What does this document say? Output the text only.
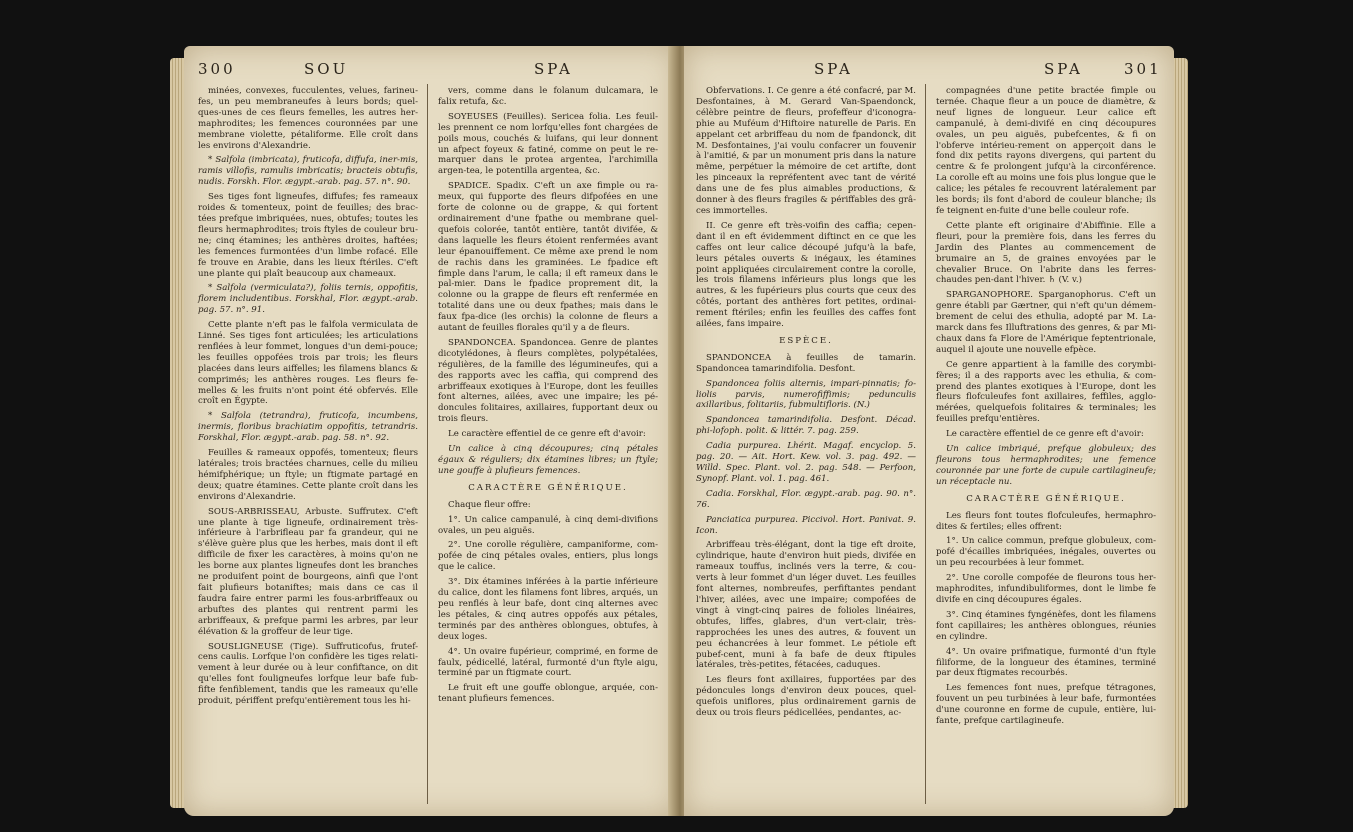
300	SOU	SPA

minées, convexes, fucculentes, velues, farineu-fes, un peu membraneufes à leurs bords; quel-ques-unes de ces fleurs femelles, les autres her-maphrodites; les femences couronnées par une membrane violette, pétaliforme. Elle croît dans les environs d'Alexandrie.

* Salfola (imbricata), fruticofa, diffufa, iner-mis, ramis villofis, ramulis imbricatis; bracteis obtufis, nudis. Forskh. Flor. ægypt.-arab. pag. 57. n°. 90.

Ses tiges font ligneufes, diffufes; fes rameaux roides & tomenteux, point de feuilles; des brac-tées prefque imbriquées, nues, obtufes; toutes les fleurs hermaphrodites; trois ftyles de couleur bru-ne; cinq étamines; les anthères droites, haftées; les femences furmontées d'un limbe rofacé. Elle fe trouve en Arabie, dans les lieux ftériles. C'eft une plante qui plaît beaucoup aux chameaux.

* Salfola (vermiculata?), foliis ternis, oppofitis, florem includentibus. Forskhal, Flor. ægypt.-arab. pag. 57. n°. 91.

Cette plante n'eft pas le falfola vermiculata de Linné. Ses tiges font articulées; les articulations renflées à leur fommet, longues d'un demi-pouce; les feuilles oppofées trois par trois; les fleurs placées dans leurs aiffelles; les filamens blancs & comprimés; les anthères rouges. Les fleurs fe-melles & les fruits n'ont point été obfervés. Elle croît en Égypte.

* Salfola (tetrandra), fruticofa, incumbens, inermis, floribus brachiatim oppofitis, tetrandris. Forskhal, Flor. ægypt.-arab. pag. 58. n°. 92.

Feuilles & rameaux oppofés, tomenteux; fleurs latérales; trois bractées charnues, celle du milieu hémifphérique; un ftyle; un ftigmate partagé en deux; quatre étamines. Cette plante croît dans les environs d'Alexandrie.

SOUS-ARBRISSEAU, Arbuste. Suffrutex. C'eft une plante à tige ligneufe, ordinairement très-inférieure à l'arbrifleau par fa grandeur, qui ne s'élève guère plus que les herbes, mais dont il eft difficile de fixer les caractères, à moins qu'on ne les borne aux plantes ligneufes dont les branches ne produifent point de bourgeons, ainfi que l'ont fait plufieurs botaniftes; mais dans ce cas il faudra faire entrer parmi les fous-arbriffeaux ou arbuftes des plantes qui rentrent parmi les arbriffeaux, & prefque parmi les arbres, par leur élévation & la groffeur de leur tige.

SOUSLIGNEUSE (Tige). Suffruticofus, frutef-cens caulis. Lorfque l'on confidère les tiges relati-vement à leur durée ou à leur confiftance, on dit qu'elles font fouligneufes lorfque leur bafe fub-fifte fenfiblement, tandis que les rameaux qu'elle produit, périffent prefqu'entièrement tous les hi-

vers, comme dans le folanum dulcamara, le falix retufa, &c.

SOYEUSES (Feuilles). Sericea folia. Les feuil-les prennent ce nom lorfqu'elles font chargées de poils mous, couchés & luifans, qui leur donnent un afpect foyeux & fatiné, comme on peut le re-marquer dans le protea argentea, l'archimilla argen-tea, le potentilla argentea, &c.

SPADICE. Spadix. C'eft un axe fimple ou ra-meux, qui fupporte des fleurs difpofées en une forte de colonne ou de grappe, & qui fortent ordinairement d'une fpathe ou membrane quel-quefois colorée, tantôt entière, tantôt divifée, & dans laquelle les fleurs étoient renfermées avant leur épanouiffement. Ce même axe prend le nom de rachis dans les graminées. Le fpadice eft fimple dans l'arum, le calla; il eft rameux dans le pal-mier. Dans le fpadice proprement dit, la colonne ou la grappe de fleurs eft renfermée en totalité dans une ou deux fpathes; mais dans le faux fpa-dice (les orchis) la colonne de fleurs a autant de feuilles florales qu'il y a de fleurs.

SPANDONCEA. Spandoncea. Genre de plantes dicotylédones, à fleurs complètes, polypétalées, régulières, de la famille des légumineufes, qui a des rapports avec les caffia, qui comprend des arbriffeaux exotiques à l'Europe, dont les feuilles font alternes, ailées, avec une impaire; les pé-doncules folitaires, axillaires, fupportant deux ou trois fleurs.

Le caractère effentiel de ce genre eft d'avoir:

Un calice à cinq découpures; cinq pétales égaux & réguliers; dix étamines libres; un ftyle; une gouffe à plufieurs femences.

CARACTÈRE GÉNÉRIQUE.

Chaque fleur offre:

1°. Un calice campanulé, à cinq demi-divifions ovales, un peu aiguës.

2°. Une corolle régulière, campaniforme, com-pofée de cinq pétales ovales, entiers, plus longs que le calice.

3°. Dix étamines inférées à la partie inférieure du calice, dont les filamens font libres, arqués, un peu renflés à leur bafe, dont cinq alternes avec les pétales, & cinq autres oppofés aux pétales, terminés par des anthères oblongues, obtufes, à deux loges.

4°. Un ovaire fupérieur, comprimé, en forme de faulx, pédicellé, latéral, furmonté d'un ftyle aigu, terminé par un ftigmate court.

Le fruit eft une gouffe oblongue, arquée, con-tenant plufieurs femences.

SPA	SPA	301

Obfervations. I. Ce genre a été confacré, par M. Desfontaines, à M. Gerard Van-Spaendonck, célèbre peintre de fleurs, profeffeur d'iconogra-phie au Muféum d'Hiftoire naturelle de Paris. En appelant cet arbriffeau du nom de fpandonck, dit M. Desfontaines, j'ai voulu confacrer un fouvenir à l'amitié, & par un monument pris dans la nature même, perpétuer la mémoire de cet artifte, dont les pinceaux la repréfentent avec tant de vérité dans une de fes plus aimables productions, & donner à des fleurs fragiles & périffables des grâ-ces immortelles.

II. Ce genre eft très-voifin des caffia; cepen-dant il en eft évidemment diftinct en ce que les caffes ont leur calice découpé jufqu'à la bafe, leurs pétales ouverts & inégaux, les étamines point appliquées circulairement contre la corolle, les trois filamens inférieurs plus longs que les autres, & les fupérieurs plus courts que ceux des côtés, portant des anthères fort petites, ordinai-rement ftériles; enfin les feuilles des caffes font ailées, fans impaire.

ESPÈCE.

SPANDONCEA à feuilles de tamarin. Spandoncea tamarindifolia. Desfont.

Spandoncea foliis alternis, impari-pinnatis; fo-liolis parvis, numerofiffimis; pedunculis axillaribus, folitariis, fubmultifloris. (N.)

Spandoncea tamarindifolia. Desfont. Décad. phi-lofoph. polit. & littér. 7. pag. 259.

Cadia purpurea. Lhérit. Magaf. encyclop. 5. pag. 20. — Ait. Hort. Kew. vol. 3. pag. 492. — Willd. Spec. Plant. vol. 2. pag. 548. — Perfoon, Synopf. Plant. vol. 1. pag. 461.

Cadia. Forskhal, Flor. ægypt.-arab. pag. 90. n°. 76.

Panciatica purpurea. Piccivol. Hort. Panivat. 9. Icon.

Arbriffeau très-élégant, dont la tige eft droite, cylindrique, haute d'environ huit pieds, divifée en rameaux touffus, inclinés vers la terre, & cou-verts à leur fommet d'un léger duvet. Les feuilles font alternes, nombreufes, perfiftantes pendant l'hiver, ailées, avec une impaire; compofées de vingt à vingt-cinq paires de folioles linéaires, obtufes, liffes, glabres, d'un vert-clair, très-rapprochées les unes des autres, & fouvent un peu échancrées à leur fommet. Le pétiole eft pubef-cent, muni à fa bafe de deux ftipules latérales, très-petites, fétacées, caduques.

Les fleurs font axillaires, fupportées par des pédoncules longs d'environ deux pouces, quel-quefois uniflores, plus ordinairement garnis de deux ou trois fleurs pédicellées, pendantes, ac-

compagnées d'une petite bractée fimple ou ternée. Chaque fleur a un pouce de diamètre, & neuf lignes de longueur. Leur calice eft campanulé, à demi-divifé en cinq découpures ovales, un peu aiguës, pubefcentes, & fi on l'obferve intérieu-rement on apperçoit dans le fond dix petits rayons divergens, qui partent du centre & fe prolongent jufqu'à la circonférence. La corolle eft au moins une fois plus longue que le calice; les pétales fe recouvrent latéralement par les bords; ils font d'abord de couleur blanche; ils fe teignent en-fuite d'une belle couleur rofe.

Cette plante eft originaire d'Abiffinie. Elle a fleuri, pour la première fois, dans les ferres du Jardin des Plantes au commencement de brumaire an 5, de graines envoyées par le chevalier Bruce. On l'abrite dans les ferres-chaudes pen-dant l'hiver. ♄ (V. v.)

SPARGANOPHORE. Sparganophorus. C'eft un genre établi par Gærtner, qui n'eft qu'un démem-brement de celui des ethulia, adopté par M. La-marck dans fes Illuftrations des genres, & par Mi-chaux dans fa Flore de l'Amérique feptentrionale, auquel il ajoute une nouvelle efpèce.

Ce genre appartient à la famille des corymbi-fères; il a des rapports avec les ethulia, & com-prend des plantes exotiques à l'Europe, dont les fleurs flofculeufes font axillaires, feffiles, agglo-mérées, quelquefois folitaires & terminales; les feuilles prefqu'entières.

Le caractère effentiel de ce genre eft d'avoir:

Un calice imbriqué, prefque globuleux; des fleurons tous hermaphrodites; une femence couronnée par une forte de cupule cartilagineufe; un réceptacle nu.

CARACTÈRE GÉNÉRIQUE.

Les fleurs font toutes flofculeufes, hermaphro-dites & fertiles; elles offrent:

1°. Un calice commun, prefque globuleux, com-pofé d'écailles imbriquées, inégales, ouvertes ou un peu recourbées à leur fommet.

2°. Une corolle compofée de fleurons tous her-maphrodites, infundibuliformes, dont le limbe fe divife en cinq découpures égales.

3°. Cinq étamines fyngénèfes, dont les filamens font capillaires; les anthères oblongues, réunies en cylindre.

4°. Un ovaire prifmatique, furmonté d'un ftyle filiforme, de la longueur des étamines, terminé par deux ftigmates recourbés.

Les femences font nues, prefque tétragones, fouvent un peu turbinées à leur bafe, furmontées d'une couronne en forme de cupule, entière, lui-fante, prefque cartilagineufe.
